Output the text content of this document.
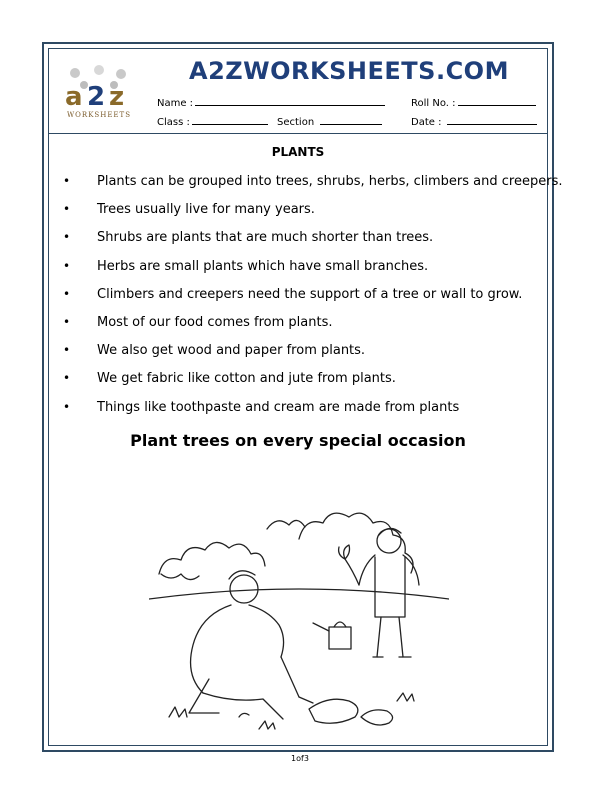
a 2 z
WORKSHEETS
A2ZWORKSHEETS.COM
Name :	Roll No. :
Class :	Section	Date :
PLANTS
• Plants can be grouped into trees, shrubs, herbs, climbers and creepers.
• Trees usually live for many years.
• Shrubs are plants that are much shorter than trees.
• Herbs are small plants which have small branches.
• Climbers and creepers need the support of a tree or wall to grow.
• Most of our food comes from plants.
• We also get wood and paper from plants.
• We get fabric like cotton and jute from plants.
• Things like toothpaste and cream are made from plants
Plant trees on every special occasion
1of3
